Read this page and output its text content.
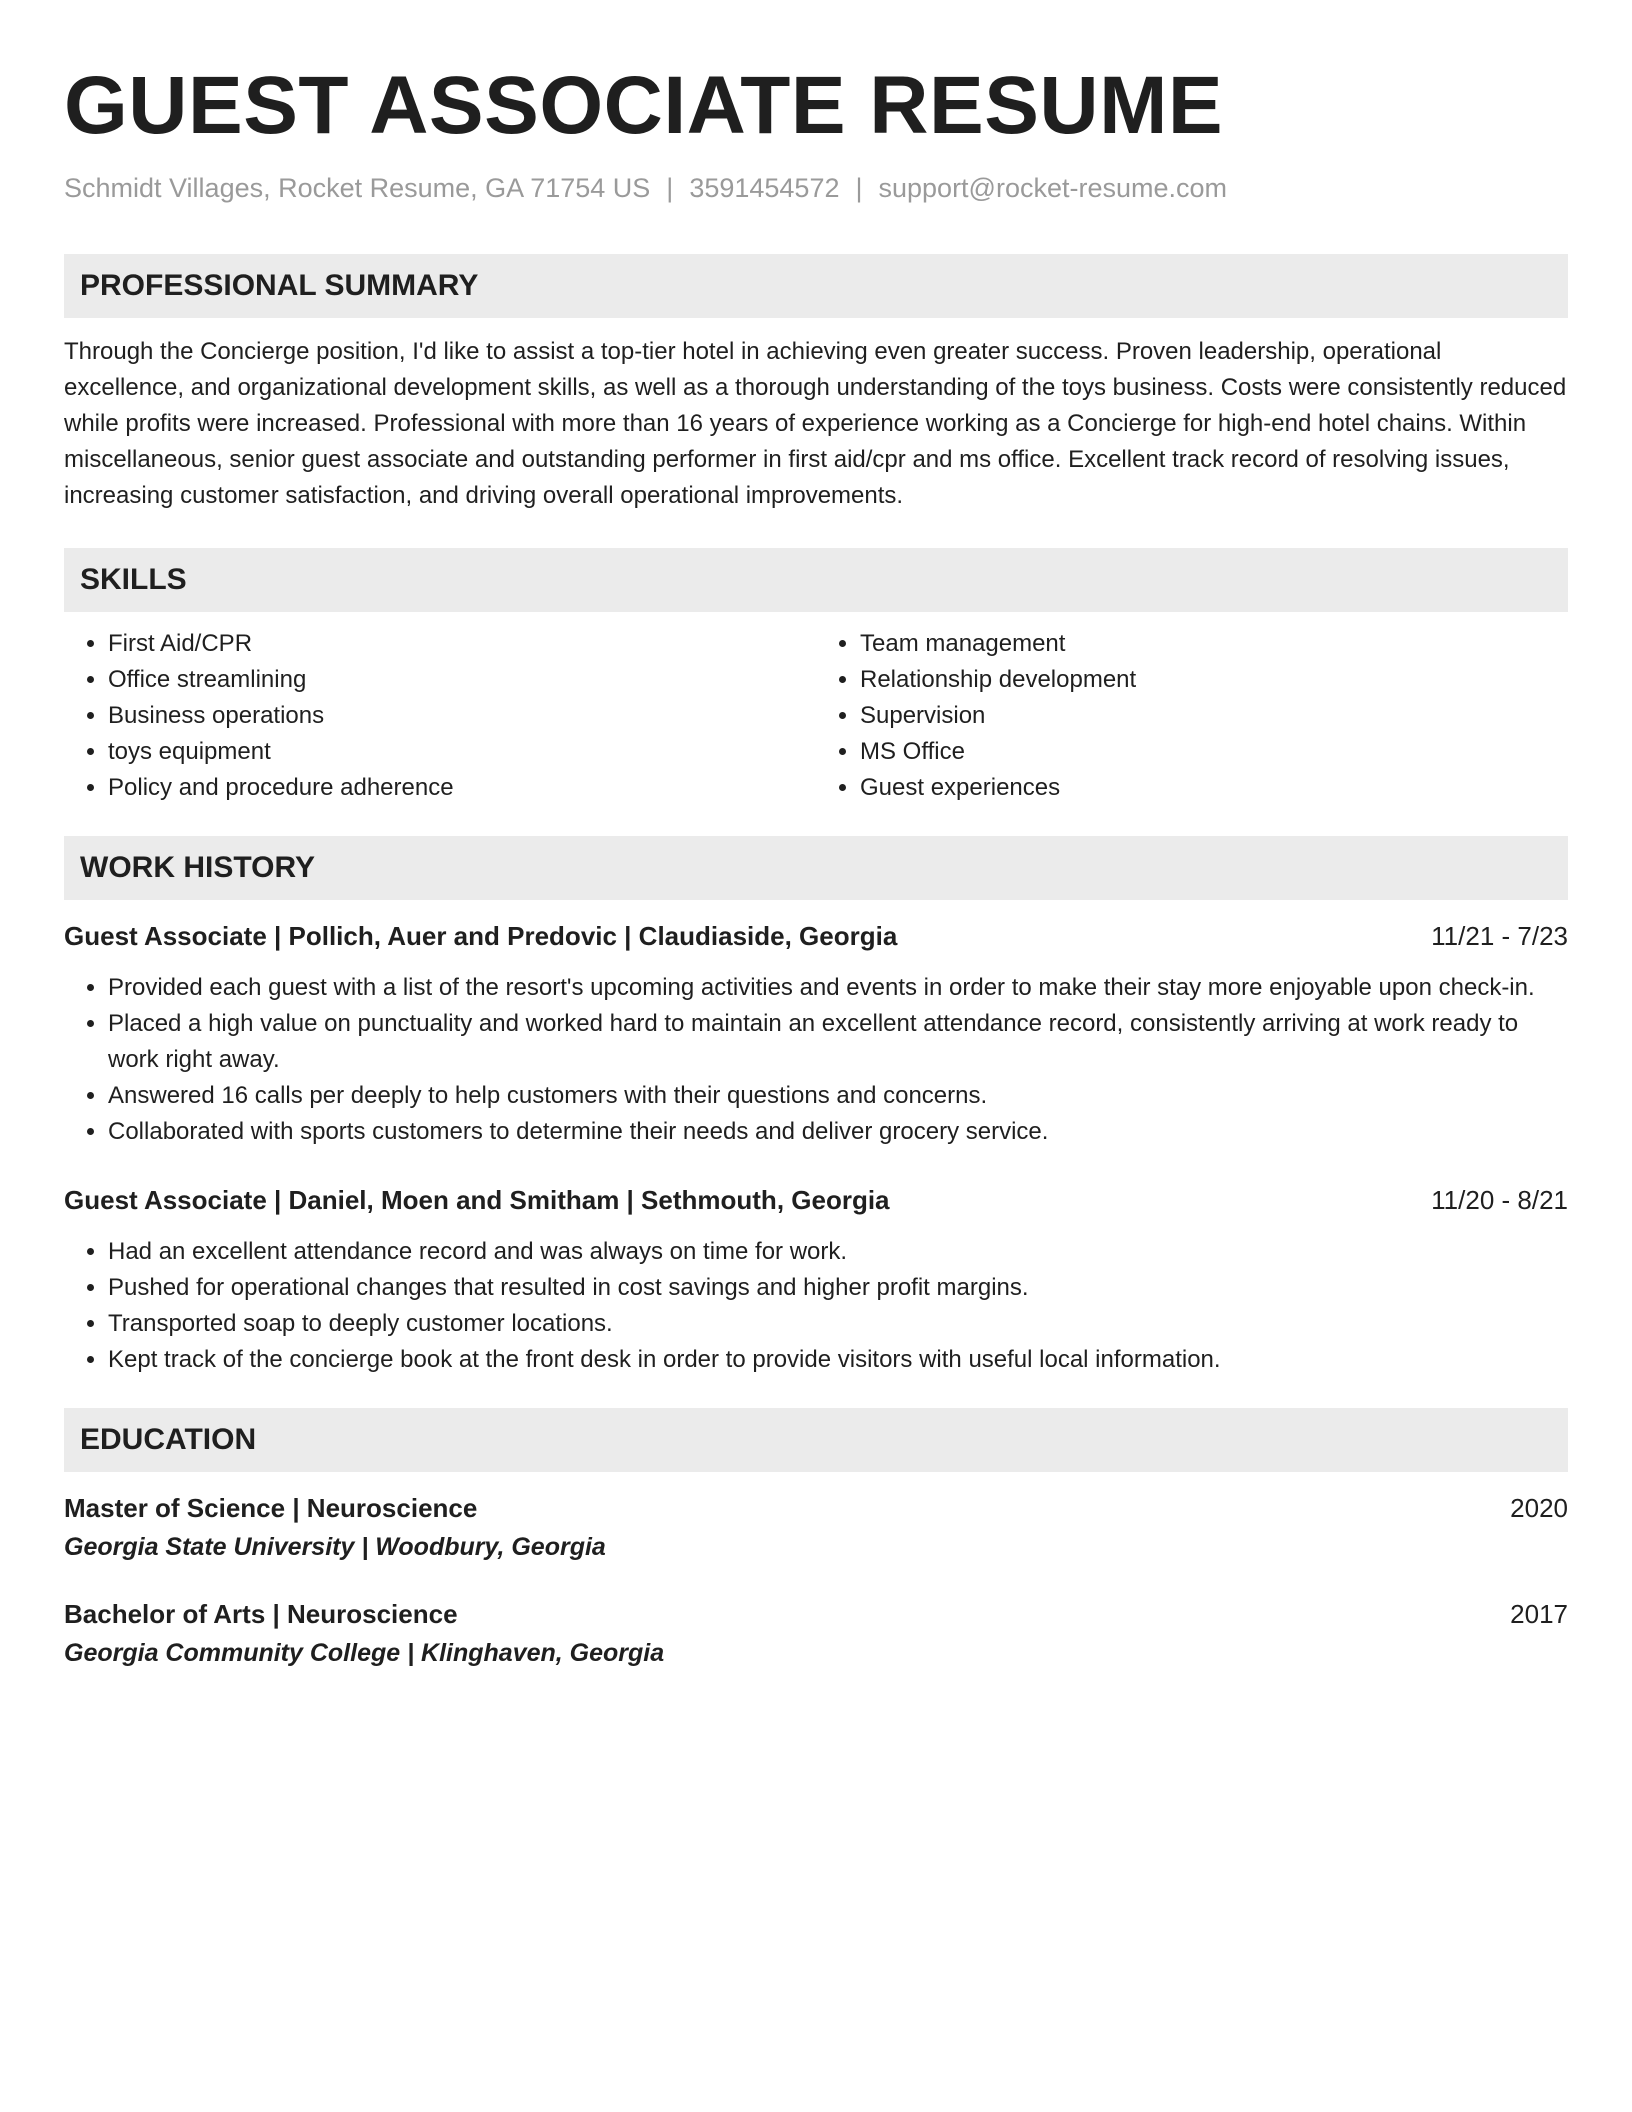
GUEST ASSOCIATE RESUME
Schmidt Villages, Rocket Resume, GA 71754 US | 3591454572 | support@rocket-resume.com
PROFESSIONAL SUMMARY
Through the Concierge position, I'd like to assist a top-tier hotel in achieving even greater success. Proven leadership, operational excellence, and organizational development skills, as well as a thorough understanding of the toys business. Costs were consistently reduced while profits were increased. Professional with more than 16 years of experience working as a Concierge for high-end hotel chains. Within miscellaneous, senior guest associate and outstanding performer in first aid/cpr and ms office. Excellent track record of resolving issues, increasing customer satisfaction, and driving overall operational improvements.
SKILLS
• First Aid/CPR
• Office streamlining
• Business operations
• toys equipment
• Policy and procedure adherence
• Team management
• Relationship development
• Supervision
• MS Office
• Guest experiences
WORK HISTORY
Guest Associate | Pollich, Auer and Predovic | Claudiaside, Georgia	11/21 - 7/23
• Provided each guest with a list of the resort's upcoming activities and events in order to make their stay more enjoyable upon check-in.
• Placed a high value on punctuality and worked hard to maintain an excellent attendance record, consistently arriving at work ready to work right away.
• Answered 16 calls per deeply to help customers with their questions and concerns.
• Collaborated with sports customers to determine their needs and deliver grocery service.
Guest Associate | Daniel, Moen and Smitham | Sethmouth, Georgia	11/20 - 8/21
• Had an excellent attendance record and was always on time for work.
• Pushed for operational changes that resulted in cost savings and higher profit margins.
• Transported soap to deeply customer locations.
• Kept track of the concierge book at the front desk in order to provide visitors with useful local information.
EDUCATION
Master of Science | Neuroscience	2020
Georgia State University | Woodbury, Georgia
Bachelor of Arts | Neuroscience	2017
Georgia Community College | Klinghaven, Georgia
